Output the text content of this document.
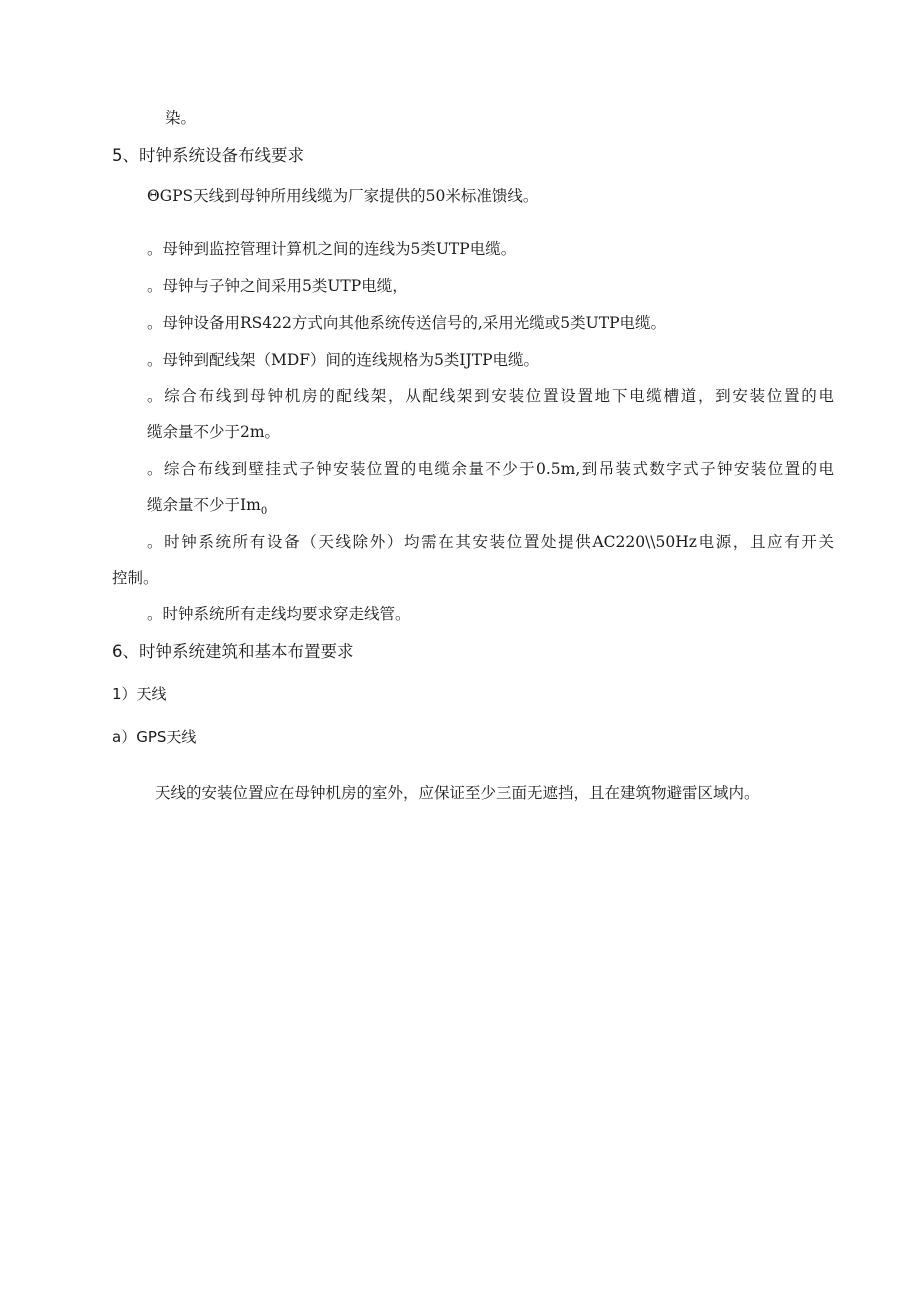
染。
5、时钟系统设备布线要求
ΘGPS天线到母钟所用线缆为厂家提供的50米标准馈线。
。母钟到监控管理计算机之间的连线为5类UTP电缆。
。母钟与子钟之间采用5类UTP电缆，
。母钟设备用RS422方式向其他系统传送信号的,采用光缆或5类UTP电缆。
。母钟到配线架（MDF）间的连线规格为5类IJTP电缆。
。综合布线到母钟机房的配线架，从配线架到安装位置设置地下电缆槽道，到安装位置的电
缆余量不少于2m。
。综合布线到壁挂式子钟安装位置的电缆余量不少于0.5m,到吊装式数字式子钟安装位置的电
缆余量不少于$Im_0$
。时钟系统所有设备（天线除外）均需在其安装位置处提供AC220\\50Hz电源，且应有开关
控制。
。时钟系统所有走线均要求穿走线管。
6、时钟系统建筑和基本布置要求
1）天线
a）GPS天线
天线的安装位置应在母钟机房的室外，应保证至少三面无遮挡，且在建筑物避雷区域内。
